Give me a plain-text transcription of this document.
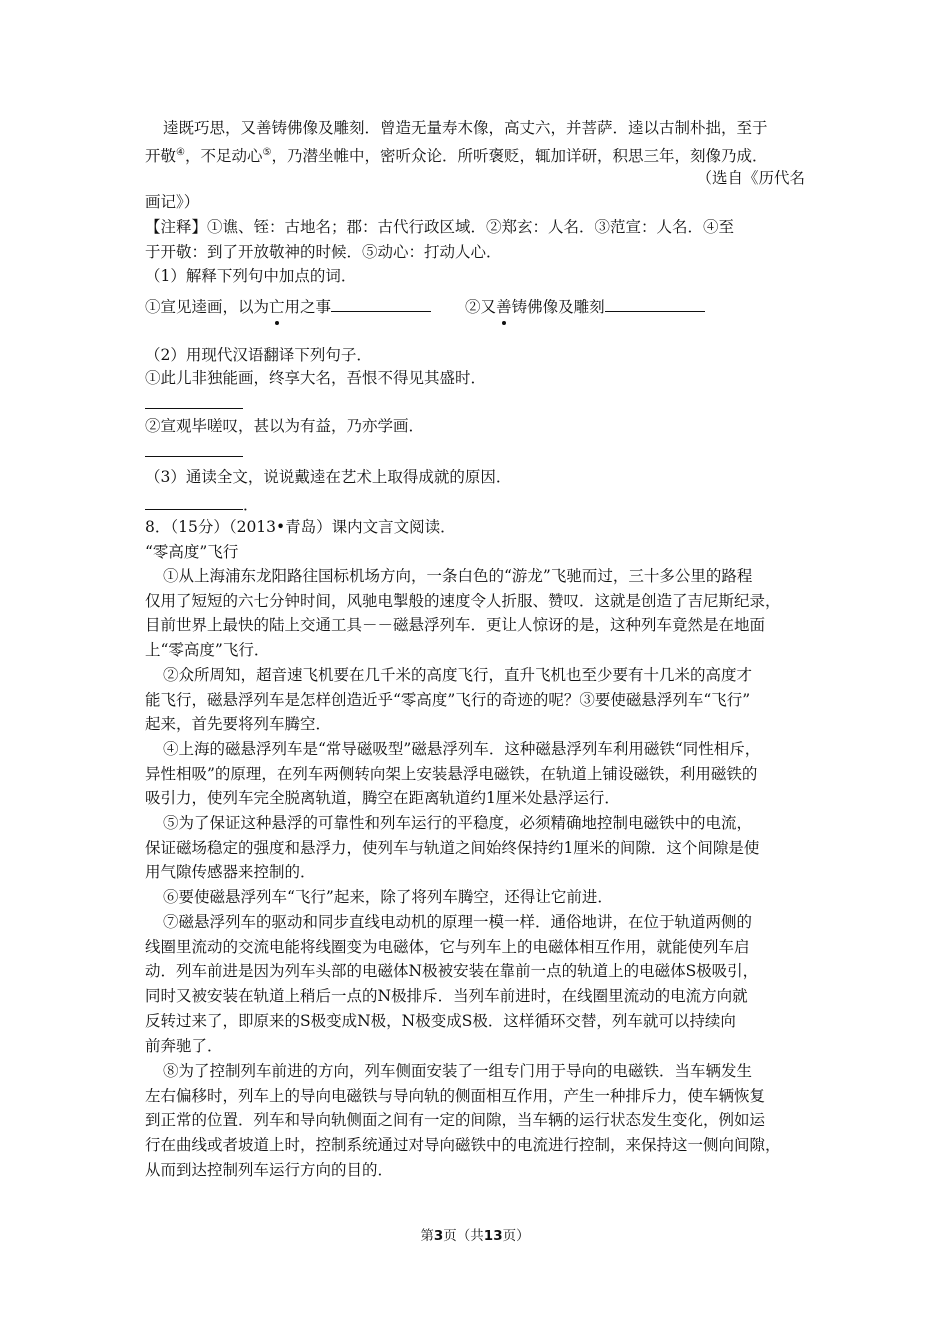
逵既巧思，又善铸佛像及雕刻．曾造无量寿木像，高丈六，并菩萨．逵以古制朴拙，至于
开敬④，不足动心⑤，乃潜坐帷中，密听众论．所听褒贬，辄加详研，积思三年，刻像乃成．
（选自《历代名
画记》）
【注释】①谯、铚：古地名；郡：古代行政区域．②郑玄：人名．③范宣：人名．④至
于开敬：到了开放敬神的时候．⑤动心：打动人心．
（1）解释下列句中加点的词．
①宣见逵画，以为亡用之事	②又善铸佛像及雕刻
（2）用现代汉语翻译下列句子．
①此儿非独能画，终享大名，吾恨不得见其盛时．
②宣观毕嗟叹，甚以为有益，乃亦学画．
（3）通读全文，说说戴逵在艺术上取得成就的原因．
．
8．（15分）（2013•青岛）课内文言文阅读．
“零高度”飞行
①从上海浦东龙阳路往国标机场方向，一条白色的“游龙”飞驰而过，三十多公里的路程
仅用了短短的六七分钟时间，风驰电掣般的速度令人折服、赞叹．这就是创造了吉尼斯纪录，
目前世界上最快的陆上交通工具－－磁悬浮列车．更让人惊讶的是，这种列车竟然是在地面
上“零高度”飞行．
②众所周知，超音速飞机要在几千米的高度飞行，直升飞机也至少要有十几米的高度才
能飞行，磁悬浮列车是怎样创造近乎“零高度”飞行的奇迹的呢？③要使磁悬浮列车“飞行”
起来，首先要将列车腾空．
④上海的磁悬浮列车是“常导磁吸型”磁悬浮列车．这种磁悬浮列车利用磁铁“同性相斥，
异性相吸”的原理，在列车两侧转向架上安装悬浮电磁铁，在轨道上铺设磁铁，利用磁铁的
吸引力，使列车完全脱离轨道，腾空在距离轨道约1厘米处悬浮运行．
⑤为了保证这种悬浮的可靠性和列车运行的平稳度，必须精确地控制电磁铁中的电流，
保证磁场稳定的强度和悬浮力，使列车与轨道之间始终保持约1厘米的间隙．这个间隙是使
用气隙传感器来控制的．
⑥要使磁悬浮列车“飞行”起来，除了将列车腾空，还得让它前进．
⑦磁悬浮列车的驱动和同步直线电动机的原理一模一样．通俗地讲，在位于轨道两侧的
线圈里流动的交流电能将线圈变为电磁体，它与列车上的电磁体相互作用，就能使列车启
动．列车前进是因为列车头部的电磁体N极被安装在靠前一点的轨道上的电磁体S极吸引，
同时又被安装在轨道上稍后一点的N极排斥．当列车前进时，在线圈里流动的电流方向就
反转过来了，即原来的S极变成N极，N极变成S极．这样循环交替，列车就可以持续向
前奔驰了．
⑧为了控制列车前进的方向，列车侧面安装了一组专门用于导向的电磁铁．当车辆发生
左右偏移时，列车上的导向电磁铁与导向轨的侧面相互作用，产生一种排斥力，使车辆恢复
到正常的位置．列车和导向轨侧面之间有一定的间隙，当车辆的运行状态发生变化，例如运
行在曲线或者坡道上时，控制系统通过对导向磁铁中的电流进行控制，来保持这一侧向间隙，
从而到达控制列车运行方向的目的．
第3页（共13页）
